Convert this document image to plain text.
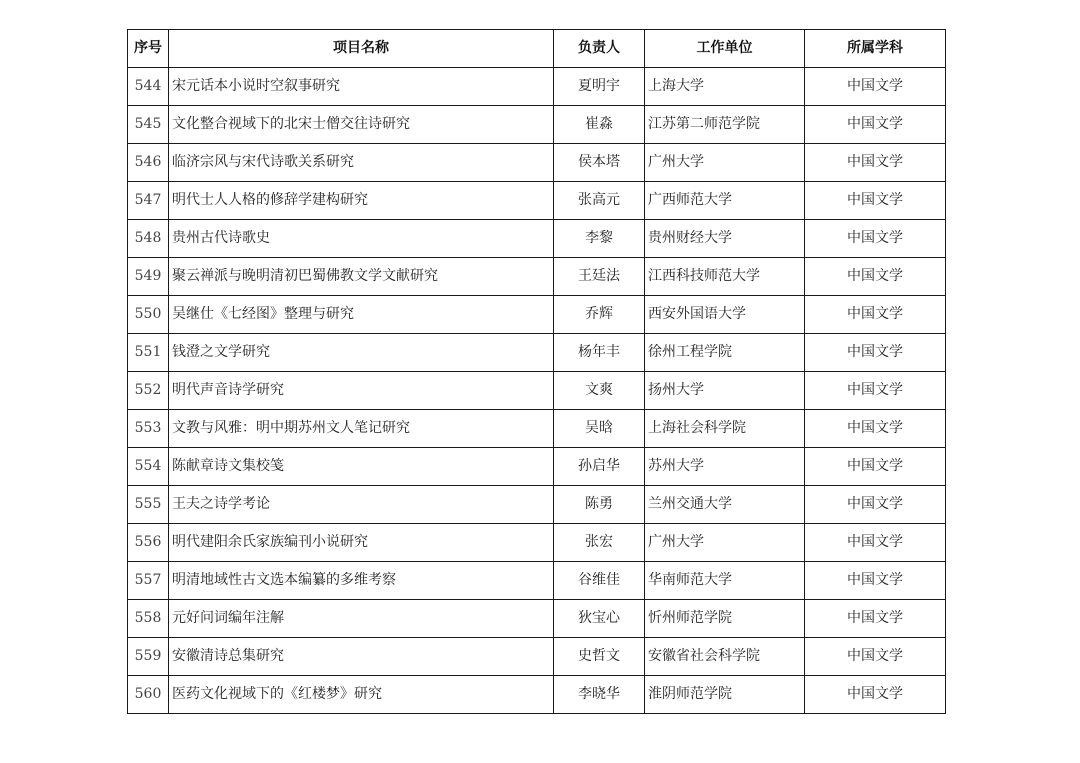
序号	项目名称	负责人	工作单位	所属学科
544	宋元话本小说时空叙事研究	夏明宇	上海大学	中国文学
545	文化整合视域下的北宋士僧交往诗研究	崔淼	江苏第二师范学院	中国文学
546	临济宗风与宋代诗歌关系研究	侯本塔	广州大学	中国文学
547	明代士人人格的修辞学建构研究	张高元	广西师范大学	中国文学
548	贵州古代诗歌史	李黎	贵州财经大学	中国文学
549	聚云禅派与晚明清初巴蜀佛教文学文献研究	王廷法	江西科技师范大学	中国文学
550	吴继仕《七经图》整理与研究	乔辉	西安外国语大学	中国文学
551	钱澄之文学研究	杨年丰	徐州工程学院	中国文学
552	明代声音诗学研究	文爽	扬州大学	中国文学
553	文教与风雅：明中期苏州文人笔记研究	吴晗	上海社会科学院	中国文学
554	陈献章诗文集校笺	孙启华	苏州大学	中国文学
555	王夫之诗学考论	陈勇	兰州交通大学	中国文学
556	明代建阳余氏家族编刊小说研究	张宏	广州大学	中国文学
557	明清地域性古文选本编纂的多维考察	谷维佳	华南师范大学	中国文学
558	元好问词编年注解	狄宝心	忻州师范学院	中国文学
559	安徽清诗总集研究	史哲文	安徽省社会科学院	中国文学
560	医药文化视域下的《红楼梦》研究	李晓华	淮阴师范学院	中国文学
